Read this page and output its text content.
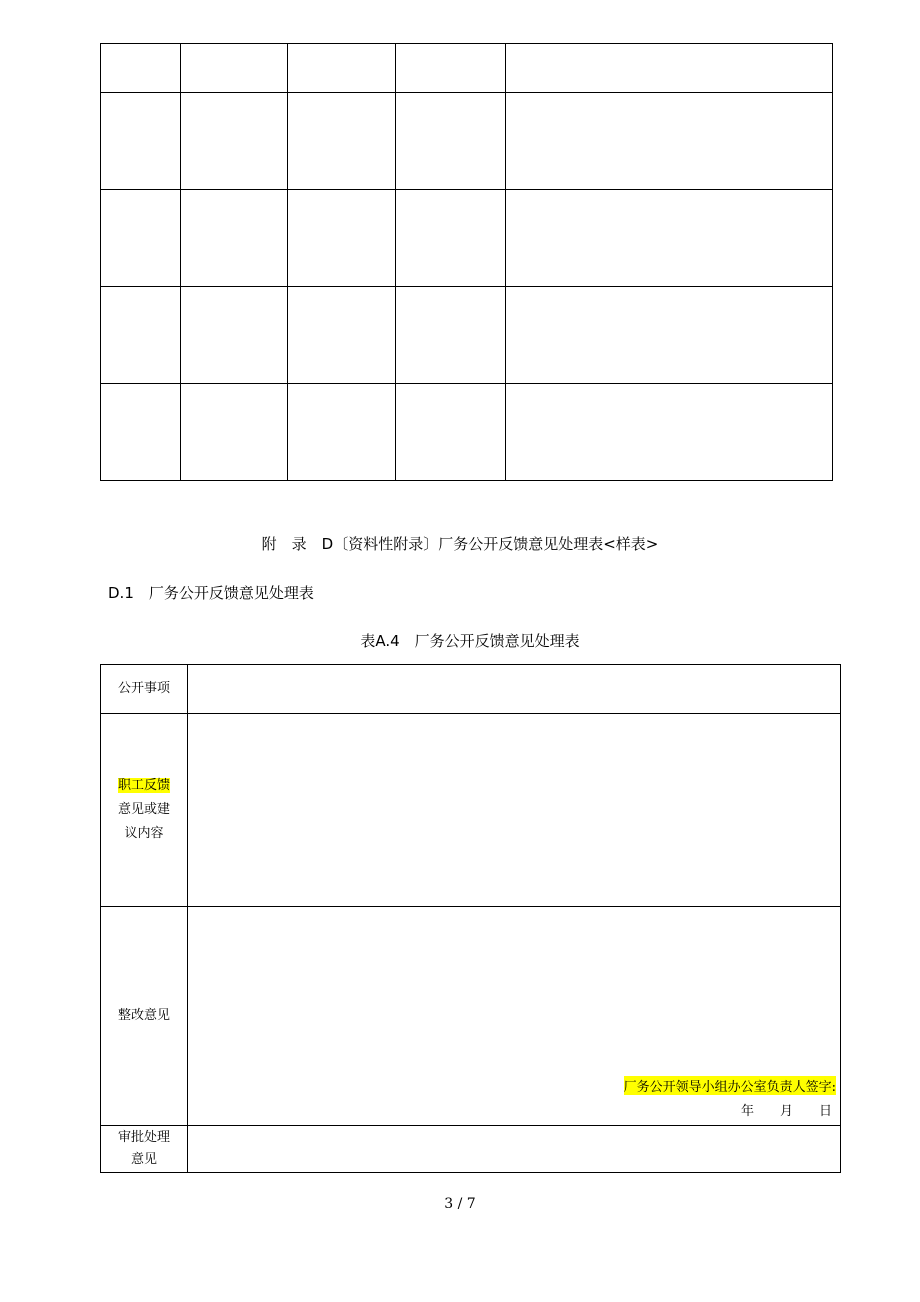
附　录　D〔资料性附录〕厂务公开反馈意见处理表<样表>
D.1　厂务公开反馈意见处理表
表A.4　厂务公开反馈意见处理表
公开事项	
职工反馈
意见或建
议内容	
整改意见	厂务公开领导小组办公室负责人签字:
年　　月　　日

审批处理
意见	
3 / 7
